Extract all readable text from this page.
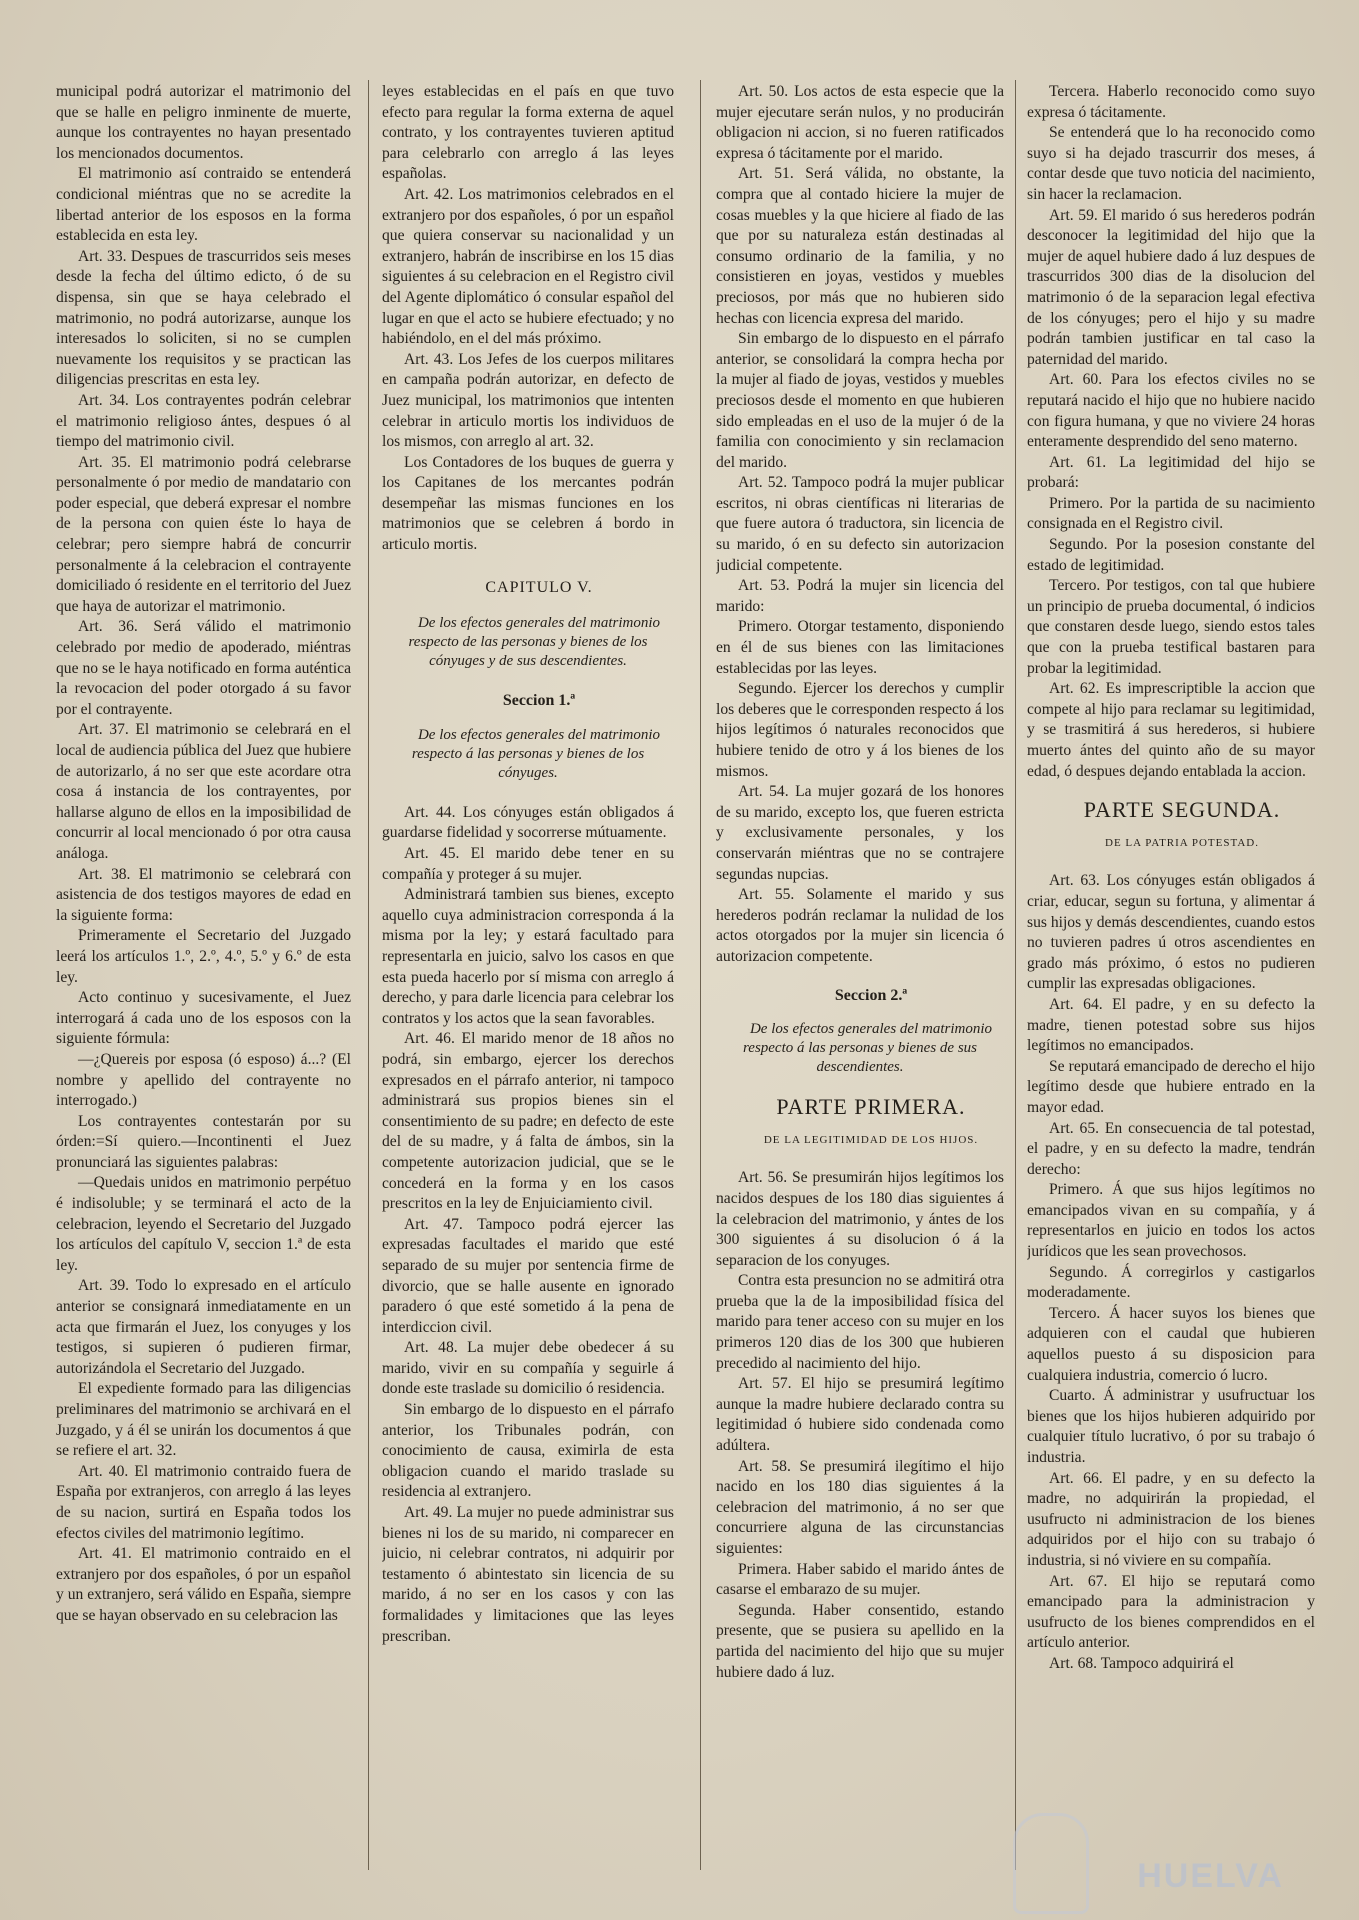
municipal podrá autorizar el matrimonio del que se halle en peligro inminente de muerte, aunque los contrayentes no hayan presentado los mencionados documentos.

El matrimonio así contraido se entenderá condicional miéntras que no se acredite la libertad anterior de los esposos en la forma establecida en esta ley.

Art. 33. Despues de trascurridos seis meses desde la fecha del último edicto, ó de su dispensa, sin que se haya celebrado el matrimonio, no podrá autorizarse, aunque los interesados lo soliciten, si no se cumplen nuevamente los requisitos y se practican las diligencias prescritas en esta ley.

Art. 34. Los contrayentes podrán celebrar el matrimonio religioso ántes, despues ó al tiempo del matrimonio civil.

Art. 35. El matrimonio podrá celebrarse personalmente ó por medio de mandatario con poder especial, que deberá expresar el nombre de la persona con quien éste lo haya de celebrar; pero siempre habrá de concurrir personalmente á la celebracion el contrayente domiciliado ó residente en el territorio del Juez que haya de autorizar el matrimonio.

Art. 36. Será válido el matrimonio celebrado por medio de apoderado, miéntras que no se le haya notificado en forma auténtica la revocacion del poder otorgado á su favor por el contrayente.

Art. 37. El matrimonio se celebrará en el local de audiencia pública del Juez que hubiere de autorizarlo, á no ser que este acordare otra cosa á instancia de los contrayentes, por hallarse alguno de ellos en la imposibilidad de concurrir al local mencionado ó por otra causa análoga.

Art. 38. El matrimonio se celebrará con asistencia de dos testigos mayores de edad en la siguiente forma:

Primeramente el Secretario del Juzgado leerá los artículos 1.º, 2.º, 4.º, 5.º y 6.º de esta ley.

Acto continuo y sucesivamente, el Juez interrogará á cada uno de los esposos con la siguiente fórmula:

—¿Quereis por esposa (ó esposo) á...? (El nombre y apellido del contrayente no interrogado.)

Los contrayentes contestarán por su órden:=Sí quiero.—Incontinenti el Juez pronunciará las siguientes palabras:

—Quedais unidos en matrimonio perpétuo é indisoluble; y se terminará el acto de la celebracion, leyendo el Secretario del Juzgado los artículos del capítulo V, seccion 1.ª de esta ley.

Art. 39. Todo lo expresado en el artículo anterior se consignará inmediatamente en un acta que firmarán el Juez, los conyuges y los testigos, si supieren ó pudieren firmar, autorizándola el Secretario del Juzgado.

El expediente formado para las diligencias preliminares del matrimonio se archivará en el Juzgado, y á él se unirán los documentos á que se refiere el art. 32.

Art. 40. El matrimonio contraido fuera de España por extranjeros, con arreglo á las leyes de su nacion, surtirá en España todos los efectos civiles del matrimonio legítimo.

Art. 41. El matrimonio contraido en el extranjero por dos españoles, ó por un español y un extranjero, será válido en España, siempre que se hayan observado en su celebracion las

leyes establecidas en el país en que tuvo efecto para regular la forma externa de aquel contrato, y los contrayentes tuvieren aptitud para celebrarlo con arreglo á las leyes españolas.

Art. 42. Los matrimonios celebrados en el extranjero por dos españoles, ó por un español que quiera conservar su nacionalidad y un extranjero, habrán de inscribirse en los 15 dias siguientes á su celebracion en el Registro civil del Agente diplomático ó consular español del lugar en que el acto se hubiere efectuado; y no habiéndolo, en el del más próximo.

Art. 43. Los Jefes de los cuerpos militares en campaña podrán autorizar, en defecto de Juez municipal, los matrimonios que intenten celebrar in articulo mortis los individuos de los mismos, con arreglo al art. 32.

Los Contadores de los buques de guerra y los Capitanes de los mercantes podrán desempeñar las mismas funciones en los matrimonios que se celebren á bordo in articulo mortis.

CAPITULO V.

De los efectos generales del matrimonio respecto de las personas y bienes de los cónyuges y de sus descendientes.

Seccion 1.ª

De los efectos generales del matrimonio respecto á las personas y bienes de los cónyuges.

Art. 44. Los cónyuges están obligados á guardarse fidelidad y socorrerse mútuamente.

Art. 45. El marido debe tener en su compañía y proteger á su mujer.

Administrará tambien sus bienes, excepto aquello cuya administracion corresponda á la misma por la ley; y estará facultado para representarla en juicio, salvo los casos en que esta pueda hacerlo por sí misma con arreglo á derecho, y para darle licencia para celebrar los contratos y los actos que la sean favorables.

Art. 46. El marido menor de 18 años no podrá, sin embargo, ejercer los derechos expresados en el párrafo anterior, ni tampoco administrará sus propios bienes sin el consentimiento de su padre; en defecto de este del de su madre, y á falta de ámbos, sin la competente autorizacion judicial, que se le concederá en la forma y en los casos prescritos en la ley de Enjuiciamiento civil.

Art. 47. Tampoco podrá ejercer las expresadas facultades el marido que esté separado de su mujer por sentencia firme de divorcio, que se halle ausente en ignorado paradero ó que esté sometido á la pena de interdiccion civil.

Art. 48. La mujer debe obedecer á su marido, vivir en su compañía y seguirle á donde este traslade su domicilio ó residencia.

Sin embargo de lo dispuesto en el párrafo anterior, los Tribunales podrán, con conocimiento de causa, eximirla de esta obligacion cuando el marido traslade su residencia al extranjero.

Art. 49. La mujer no puede administrar sus bienes ni los de su marido, ni comparecer en juicio, ni celebrar contratos, ni adquirir por testamento ó abintestato sin licencia de su marido, á no ser en los casos y con las formalidades y limitaciones que las leyes prescriban.

Art. 50. Los actos de esta especie que la mujer ejecutare serán nulos, y no producirán obligacion ni accion, si no fueren ratificados expresa ó tácitamente por el marido.

Art. 51. Será válida, no obstante, la compra que al contado hiciere la mujer de cosas muebles y la que hiciere al fiado de las que por su naturaleza están destinadas al consumo ordinario de la familia, y no consistieren en joyas, vestidos y muebles preciosos, por más que no hubieren sido hechas con licencia expresa del marido.

Sin embargo de lo dispuesto en el párrafo anterior, se consolidará la compra hecha por la mujer al fiado de joyas, vestidos y muebles preciosos desde el momento en que hubieren sido empleadas en el uso de la mujer ó de la familia con conocimiento y sin reclamacion del marido.

Art. 52. Tampoco podrá la mujer publicar escritos, ni obras científicas ni literarias de que fuere autora ó traductora, sin licencia de su marido, ó en su defecto sin autorizacion judicial competente.

Art. 53. Podrá la mujer sin licencia del marido:

Primero. Otorgar testamento, disponiendo en él de sus bienes con las limitaciones establecidas por las leyes.

Segundo. Ejercer los derechos y cumplir los deberes que le corresponden respecto á los hijos legítimos ó naturales reconocidos que hubiere tenido de otro y á los bienes de los mismos.

Art. 54. La mujer gozará de los honores de su marido, excepto los, que fueren estricta y exclusivamente personales, y los conservarán miéntras que no se contrajere segundas nupcias.

Art. 55. Solamente el marido y sus herederos podrán reclamar la nulidad de los actos otorgados por la mujer sin licencia ó autorizacion competente.

Seccion 2.ª

De los efectos generales del matrimonio respecto á las personas y bienes de sus descendientes.

PARTE PRIMERA.

DE LA LEGITIMIDAD DE LOS HIJOS.

Art. 56. Se presumirán hijos legítimos los nacidos despues de los 180 dias siguientes á la celebracion del matrimonio, y ántes de los 300 siguientes á su disolucion ó á la separacion de los conyuges.

Contra esta presuncion no se admitirá otra prueba que la de la imposibilidad física del marido para tener acceso con su mujer en los primeros 120 dias de los 300 que hubieren precedido al nacimiento del hijo.

Art. 57. El hijo se presumirá legítimo aunque la madre hubiere declarado contra su legitimidad ó hubiere sido condenada como adúltera.

Art. 58. Se presumirá ilegítimo el hijo nacido en los 180 dias siguientes á la celebracion del matrimonio, á no ser que concurriere alguna de las circunstancias siguientes:

Primera. Haber sabido el marido ántes de casarse el embarazo de su mujer.

Segunda. Haber consentido, estando presente, que se pusiera su apellido en la partida del nacimiento del hijo que su mujer hubiere dado á luz.

Tercera. Haberlo reconocido como suyo expresa ó tácitamente.

Se entenderá que lo ha reconocido como suyo si ha dejado trascurrir dos meses, á contar desde que tuvo noticia del nacimiento, sin hacer la reclamacion.

Art. 59. El marido ó sus herederos podrán desconocer la legitimidad del hijo que la mujer de aquel hubiere dado á luz despues de trascurridos 300 dias de la disolucion del matrimonio ó de la separacion legal efectiva de los cónyuges; pero el hijo y su madre podrán tambien justificar en tal caso la paternidad del marido.

Art. 60. Para los efectos civiles no se reputará nacido el hijo que no hubiere nacido con figura humana, y que no viviere 24 horas enteramente desprendido del seno materno.

Art. 61. La legitimidad del hijo se probará:

Primero. Por la partida de su nacimiento consignada en el Registro civil.

Segundo. Por la posesion constante del estado de legitimidad.

Tercero. Por testigos, con tal que hubiere un principio de prueba documental, ó indicios que constaren desde luego, siendo estos tales que con la prueba testifical bastaren para probar la legitimidad.

Art. 62. Es imprescriptible la accion que compete al hijo para reclamar su legitimidad, y se trasmitirá á sus herederos, si hubiere muerto ántes del quinto año de su mayor edad, ó despues dejando entablada la accion.

PARTE SEGUNDA.

DE LA PATRIA POTESTAD.

Art. 63. Los cónyuges están obligados á criar, educar, segun su fortuna, y alimentar á sus hijos y demás descendientes, cuando estos no tuvieren padres ú otros ascendientes en grado más próximo, ó estos no pudieren cumplir las expresadas obligaciones.

Art. 64. El padre, y en su defecto la madre, tienen potestad sobre sus hijos legítimos no emancipados.

Se reputará emancipado de derecho el hijo legítimo desde que hubiere entrado en la mayor edad.

Art. 65. En consecuencia de tal potestad, el padre, y en su defecto la madre, tendrán derecho:

Primero. Á que sus hijos legítimos no emancipados vivan en su compañía, y á representarlos en juicio en todos los actos jurídicos que les sean provechosos.

Segundo. Á corregirlos y castigarlos moderadamente.

Tercero. Á hacer suyos los bienes que adquieren con el caudal que hubieren aquellos puesto á su disposicion para cualquiera industria, comercio ó lucro.

Cuarto. Á administrar y usufructuar los bienes que los hijos hubieren adquirido por cualquier título lucrativo, ó por su trabajo ó industria.

Art. 66. El padre, y en su defecto la madre, no adquirirán la propiedad, el usufructo ni administracion de los bienes adquiridos por el hijo con su trabajo ó industria, si nó viviere en su compañía.

Art. 67. El hijo se reputará como emancipado para la administracion y usufructo de los bienes comprendidos en el artículo anterior.

Art. 68. Tampoco adquirirá el

HUELVA
